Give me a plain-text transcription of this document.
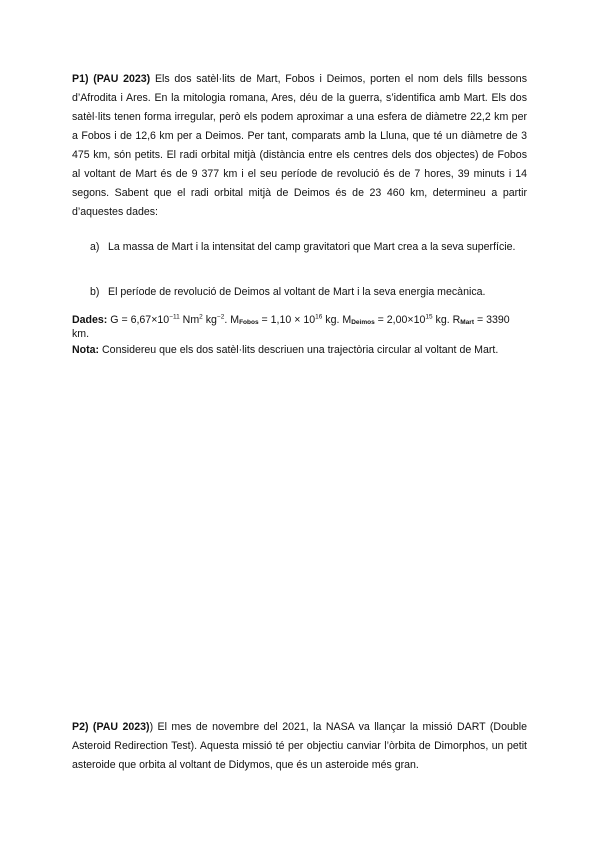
P1) (PAU 2023) Els dos satèl·lits de Mart, Fobos i Deimos, porten el nom dels fills bessons d’Afrodita i Ares. En la mitologia romana, Ares, déu de la guerra, s’identifica amb Mart. Els dos satèl·lits tenen forma irregular, però els podem aproximar a una esfera de diàmetre 22,2 km per a Fobos i de 12,6 km per a Deimos. Per tant, comparats amb la Lluna, que té un diàmetre de 3 475 km, són petits. El radi orbital mitjà (distància entre els centres dels dos objectes) de Fobos al voltant de Mart és de 9 377 km i el seu període de revolució és de 7 hores, 39 minuts i 14 segons. Sabent que el radi orbital mitjà de Deimos és de 23 460 km, determineu a partir d’aquestes dades:
a) La massa de Mart i la intensitat del camp gravitatori que Mart crea a la seva superfície.
b) El període de revolució de Deimos al voltant de Mart i la seva energia mecànica.
Dades: $G = 6,67\times 10^{-11}$ Nm$^2$ $kg^{-2}$. $M_{Fobos} = 1,10 \times 10^{16}$ kg. $M_{Deimos} = 2,00\times 10^{15}$ kg. $R_{Mart} = 3390$ km.
Nota: Considereu que els dos satèl·lits descriuen una trajectòria circular al voltant de Mart.
P2) (PAU 2023)) El mes de novembre del 2021, la NASA va llançar la missió DART (Double Asteroid Redirection Test). Aquesta missió té per objectiu canviar l’òrbita de Dimorphos, un petit asteroide que orbita al voltant de Didymos, que és un asteroide més gran.
